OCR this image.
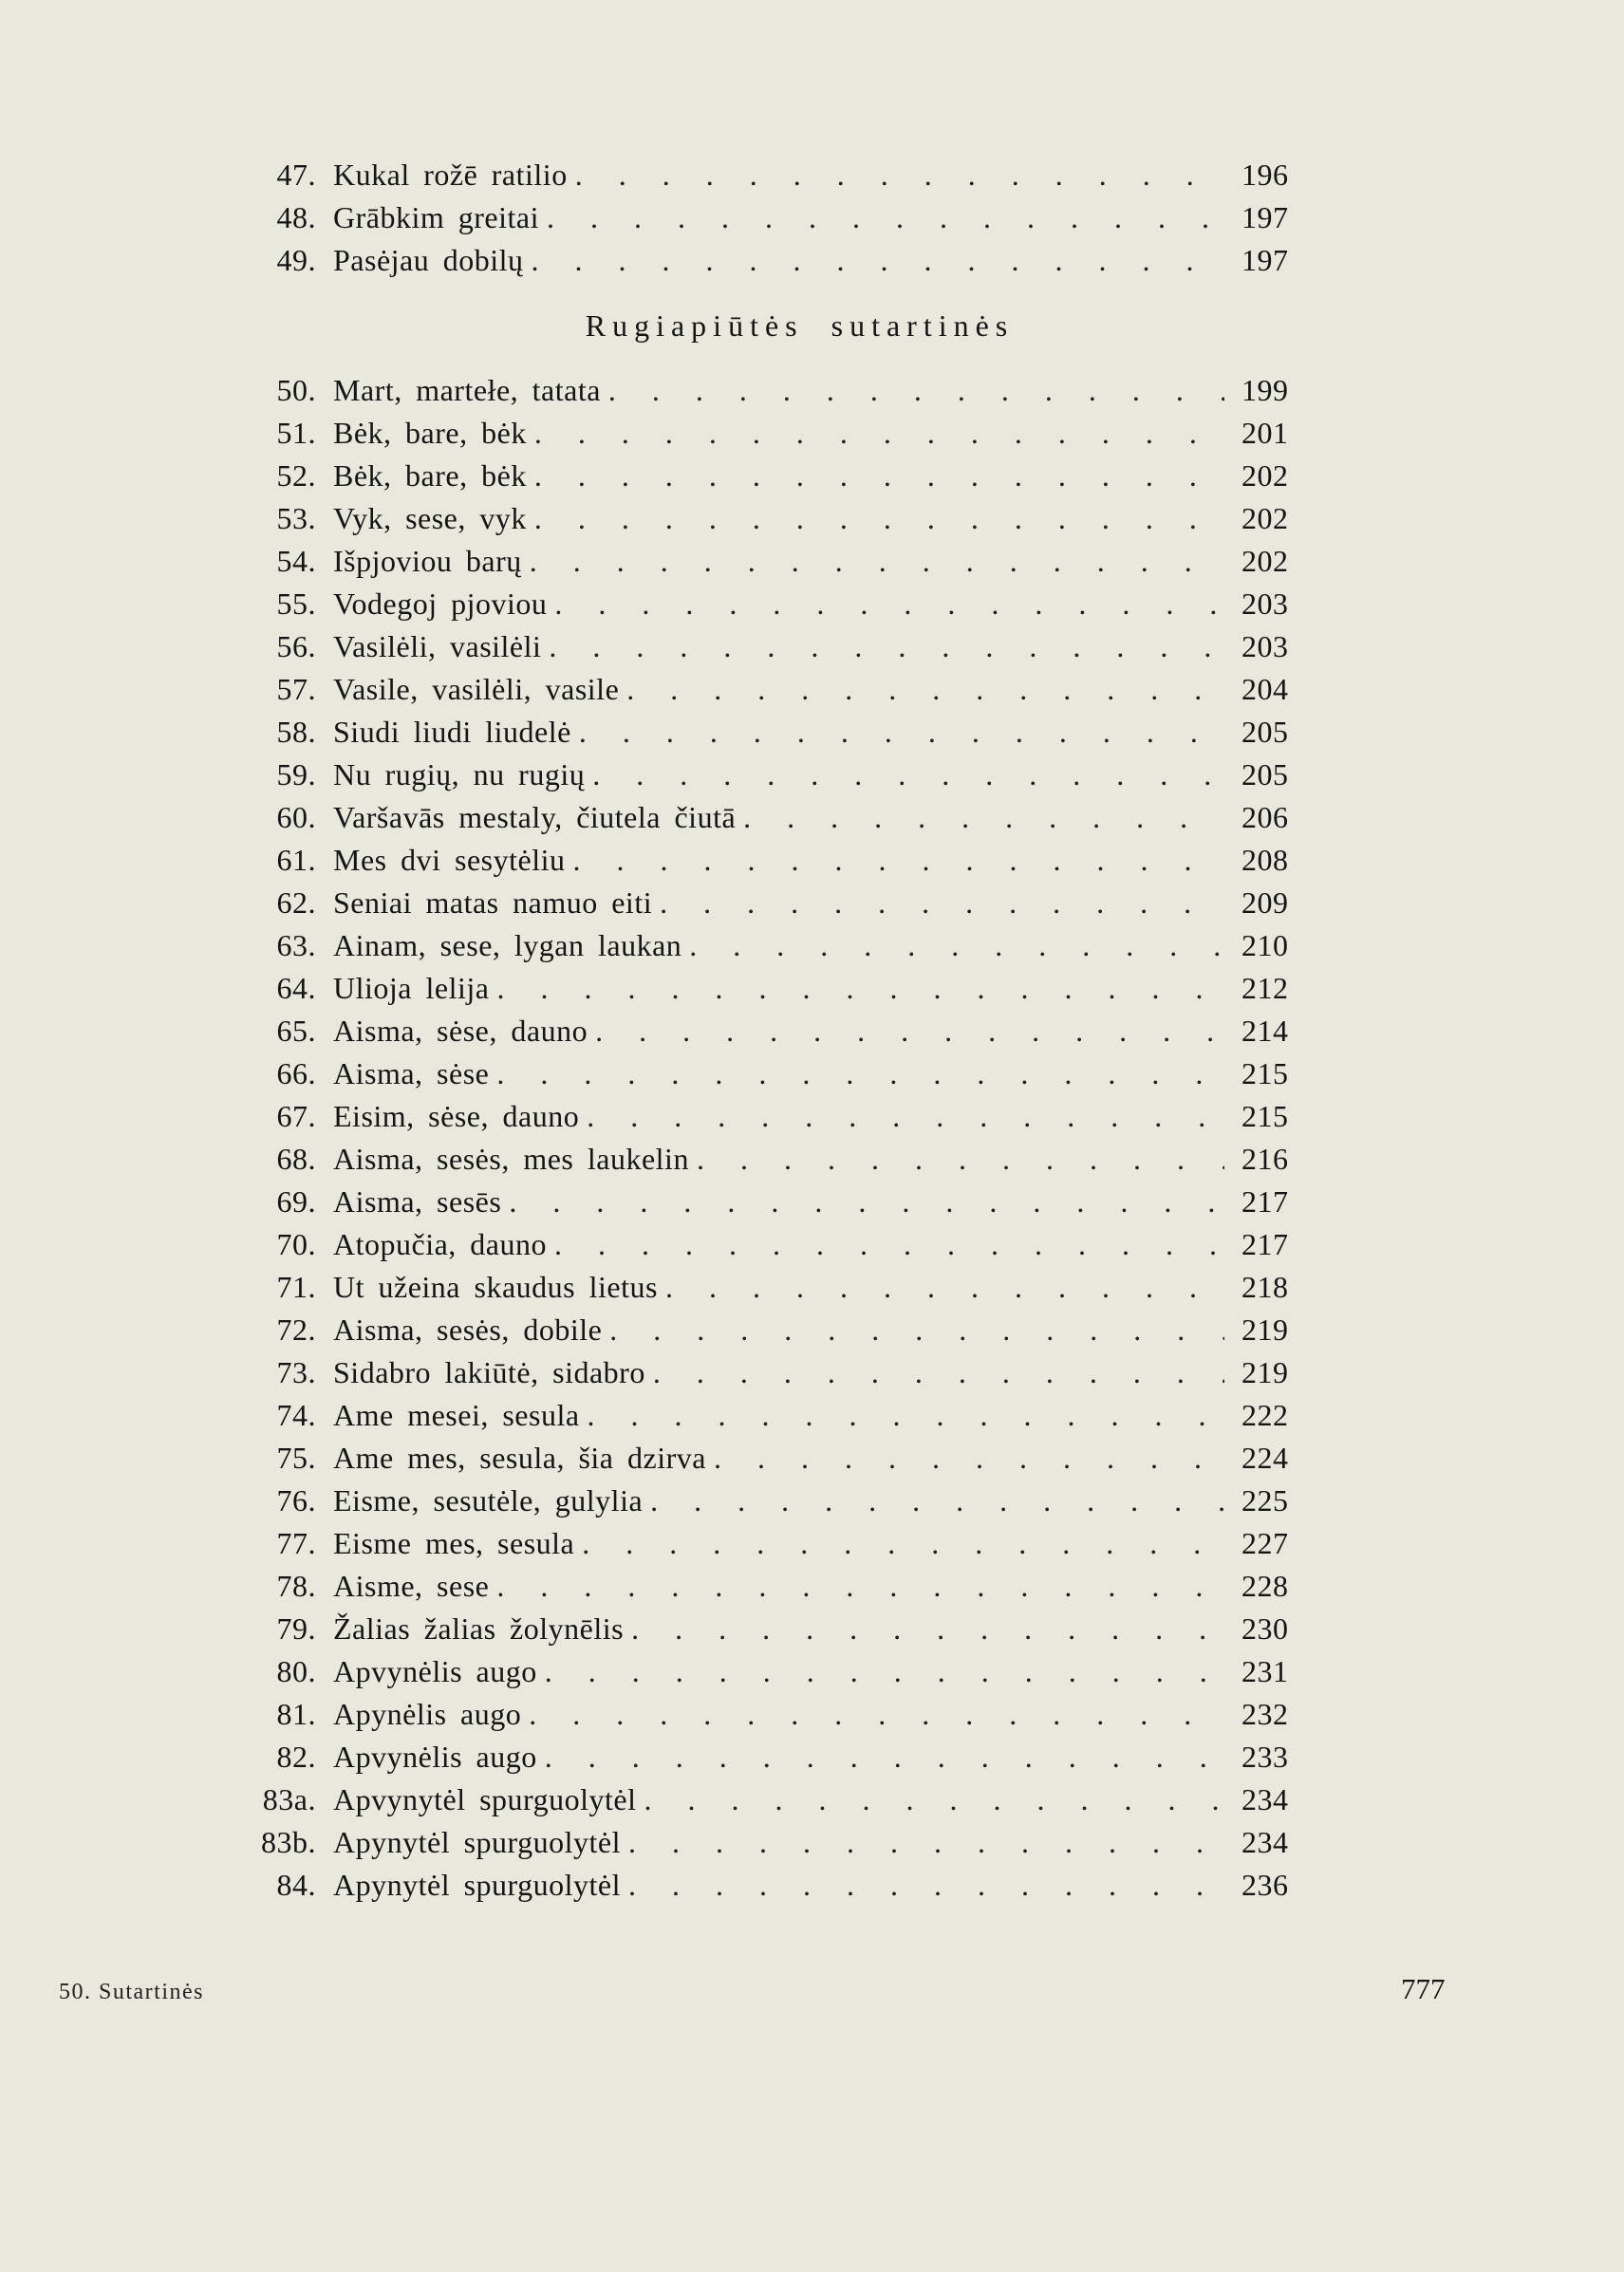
47. Kukal rožē ratilio . . .	196
48. Grābkim greitai . . .	197
49. Pasėjau dobilų . . .	197
Rugiapiūtės sutartinės
50. Mart, martełe, tatata . . .	199
51. Bėk, bare, bėk . . .	201
52. Bėk, bare, bėk . . .	202
53. Vyk, sese, vyk . . .	202
54. Išpjoviou barų . . .	202
55. Vodegoj pjoviou . . .	203
56. Vasilėli, vasilėli . . .	203
57. Vasile, vasilėli, vasile . . .	204
58. Siudi liudi liudelė . . .	205
59. Nu rugių, nu rugių . . .	205
60. Varšavās mestaly, čiutela čiutā . . .	206
61. Mes dvi sesytėliu . . .	208
62. Seniai matas namuo eiti . . .	209
63. Ainam, sese, lygan laukan . . .	210
64. Ulioja lelija . . .	212
65. Aisma, sėse, dauno . . .	214
66. Aisma, sėse . . .	215
67. Eisim, sėse, dauno . . .	215
68. Aisma, sesės, mes laukelin . . .	216
69. Aisma, sesēs . . .	217
70. Atopučia, dauno . . .	217
71. Ut užeina skaudus lietus . . .	218
72. Aisma, sesės, dobile . . .	219
73. Sidabro lakiūtė, sidabro . . .	219
74. Ame mesei, sesula . . .	222
75. Ame mes, sesula, šia dzirva . . .	224
76. Eisme, sesutėle, gulylia . . .	225
77. Eisme mes, sesula . . .	227
78. Aisme, sese . . .	228
79. Žalias žalias žolynēlis . . .	230
80. Apvynėlis augo . . .	231
81. Apynėlis augo . . .	232
82. Apvynėlis augo . . .	233
83a. Apvynytėl spurguolytėl . . .	234
83b. Apynytėl spurguolytėl . . .	234
84. Apynytėl spurguolytėl . . .	236
50. Sutartinės	777
